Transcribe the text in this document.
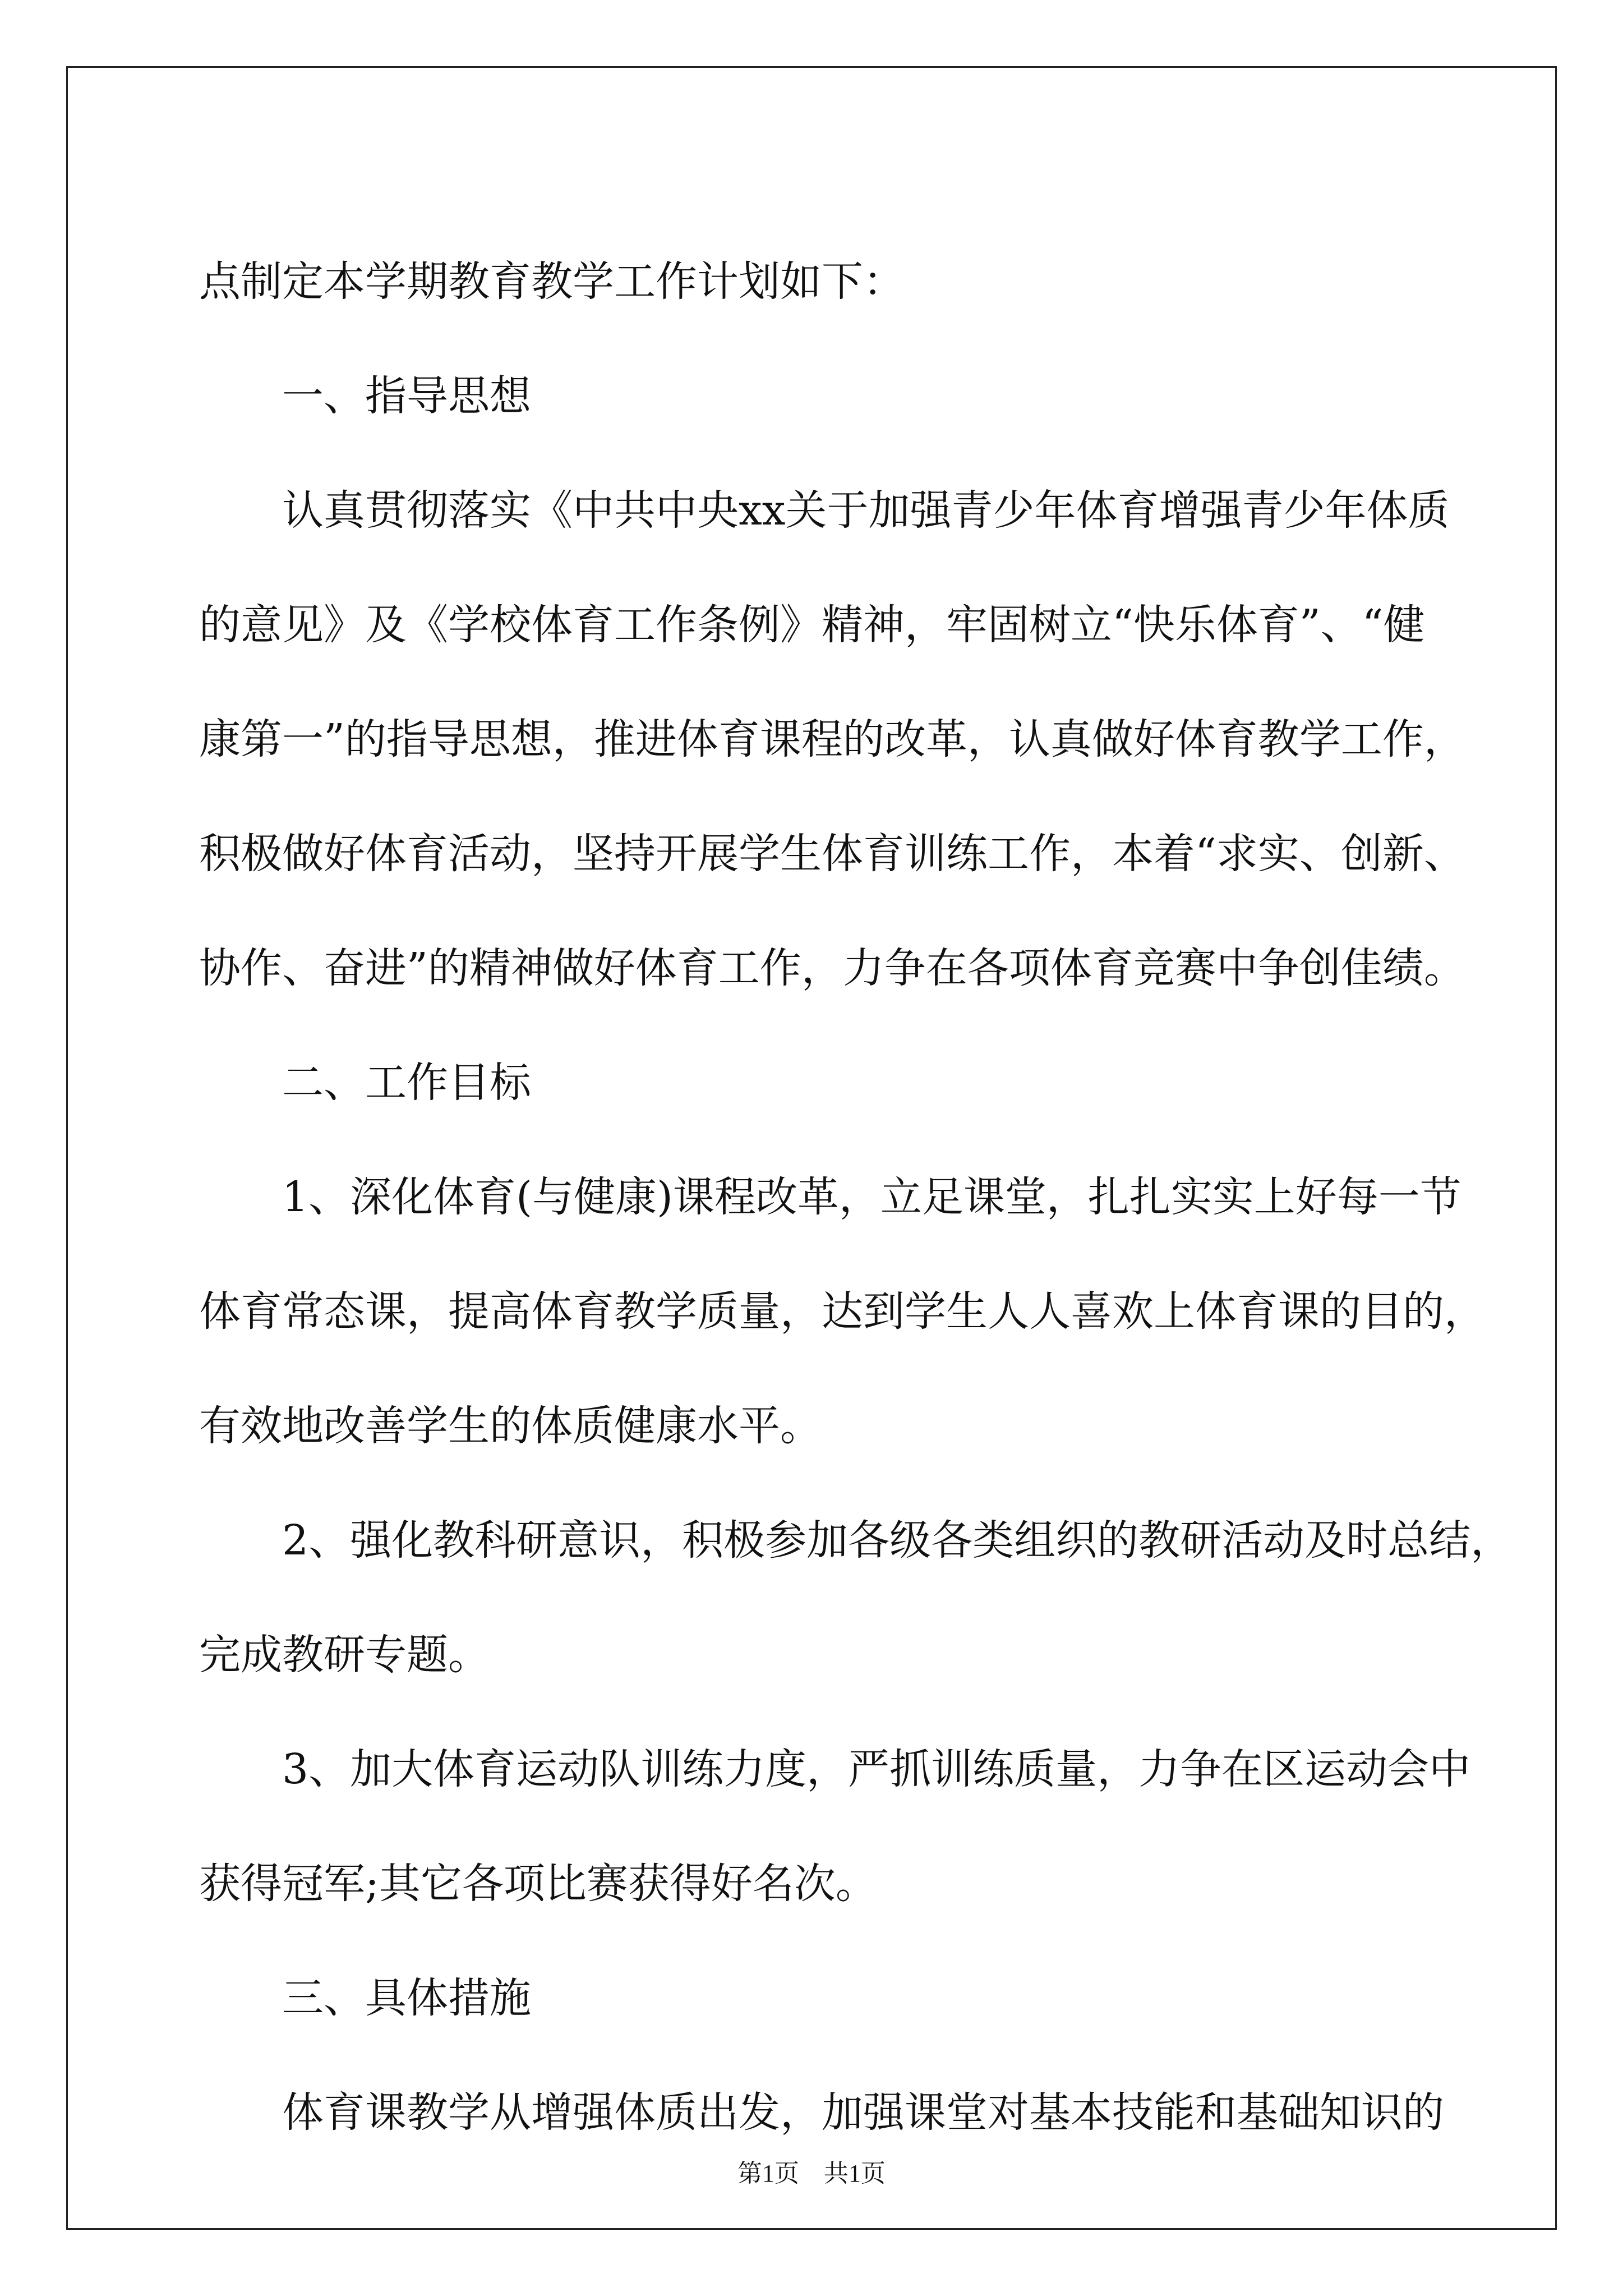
点制定本学期教育教学工作计划如下：
一、指导思想
认真贯彻落实《中共中央xx关于加强青少年体育增强青少年体质
的意见》及《学校体育工作条例》精神，牢固树立“快乐体育”、“健
康第一”的指导思想，推进体育课程的改革，认真做好体育教学工作，
积极做好体育活动，坚持开展学生体育训练工作，本着“求实、创新、
协作、奋进”的精神做好体育工作，力争在各项体育竞赛中争创佳绩。
二、工作目标
1、深化体育(与健康)课程改革，立足课堂，扎扎实实上好每一节
体育常态课，提高体育教学质量，达到学生人人喜欢上体育课的目的，
有效地改善学生的体质健康水平。
2、强化教科研意识，积极参加各级各类组织的教研活动及时总结，
完成教研专题。
3、加大体育运动队训练力度，严抓训练质量，力争在区运动会中
获得冠军;其它各项比赛获得好名次。
三、具体措施
体育课教学从增强体质出发，加强课堂对基本技能和基础知识的
第1页　共1页
